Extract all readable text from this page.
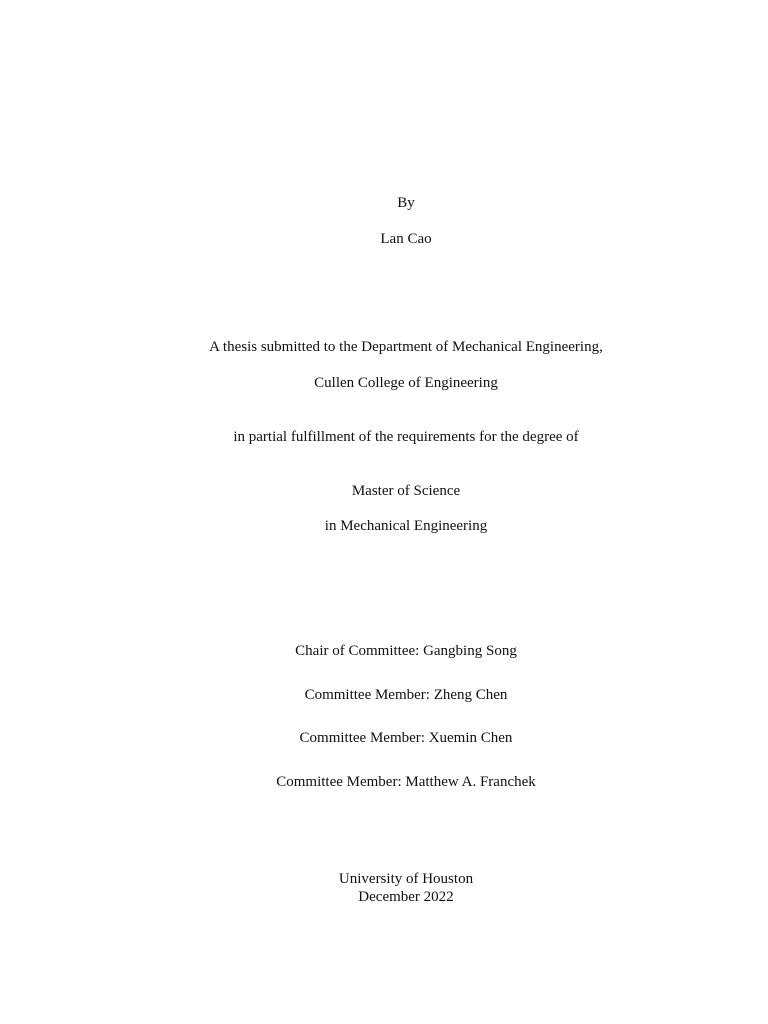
By
Lan Cao
A thesis submitted to the Department of Mechanical Engineering,
Cullen College of Engineering
in partial fulfillment of the requirements for the degree of
Master of Science
in Mechanical Engineering
Chair of Committee: Gangbing Song
Committee Member: Zheng Chen
Committee Member: Xuemin Chen
Committee Member: Matthew A. Franchek
University of Houston
December 2022
